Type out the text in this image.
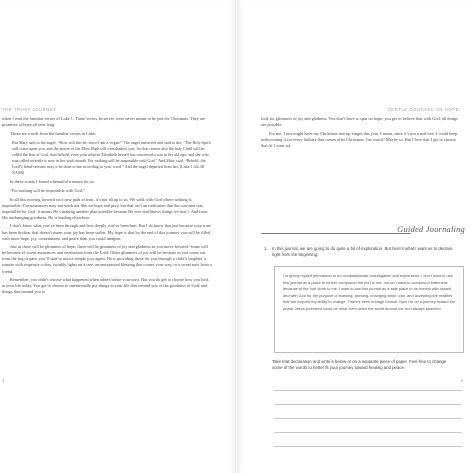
THE TRUST JOURNEY

when I read the familiar verses of Luke 1. These verses, however, were never meant to be just for Christmas. They are promises of hope all year long.

Those are words from the familiar verses in Luke:

But Mary said to the angel, “How will this be, since I am a virgin?” The angel answered and said to her, “The Holy Spirit will come upon you, and the power of the Most High will overshadow you; for that reason also the holy Child will be called the Son of God. And behold, even your relative Elizabeth herself has conceived a son in her old age; and she who was called infertile is now in her sixth month. For nothing will be impossible with God.” And Mary said, “Behold, the Lord’s bond-servant; may it be done to me according to your word.” And the angel departed from her. (Luke 1:34–38 NASB)

In these words I found a beautiful treasure for us:

“For nothing will be impossible with God.”

In all this moving forward on a new path of trust, it’s not all up to us. We walk with God where nothing is impossible. Circumstances may not work out like we hope and pray, but that isn’t an indication that the outcome was impossible for God. It means He’s making another plan possible because He sees and knows things we don’t. And from His unchanging goodness, He is leading elsewhere.

I don’t know what you’ve been through and how deeply you’ve been hurt. But I do know that just because your trust has been broken, that doesn’t mean your joy has been stolen. My hope is that by the end of this journey you will be filled with more hope, joy, contentment, and peace than you could imagine.

Just as there will be glimmers of hope, there will be glimmers of joy and gladness as you move forward. Some will be because of sweet assurances and revelations from the Lord. Other glimmers of joy will be because as you come out from the fog of pain, you’ll start to notice simple joys again. He is providing those for you through a child’s laughter, a sunrise with exquisite colors, twinkly lights on a tree, an unexpected blessing that comes your way, or a sweet note from a friend.

Remember, you didn’t choose what happened when others broke your trust. But you do get to choose how you look at your life today. You get to choose to intentionally put things in your life that remind you of the goodness of God, and things that remind you to

4
GENTLE COUNSEL ON HOPE

look for glimmers of joy and gladness. You don’t have to spin on hope; you get to believe that with God, all things are possible.

For me, I just might have my Christmas tree up longer this year. I mean, since it’s not a real tree, I could keep redecorating it for every holiday that comes after Christmas. Too much? Maybe so. But I love that I get to choose that (if I want to).

Guided Journaling
1. In this journal, we are going to do quite a bit of exploration. But here’s what I want us to declare right from the beginning:
I’m giving myself permission to do compassionate investigation and exploration. I don’t want to use this journal as a place to further compound the hurt in me, nor do I want to compound bitterness because of the hurt done to me. I want to use this journal as a safe place to be honest with myself and with God for the purpose of learning, growing, changing what I can, and accepting the realities that are beyond my ability to change. There’s been enough turmoil. Now I’m on a journey toward the peace Jesus promised could be mine even when the world around me isn’t always peaceful.
Take that declaration and write it below or on a separate piece of paper. Feel free to change some of the words to better fit your journey toward healing and peace.
5
